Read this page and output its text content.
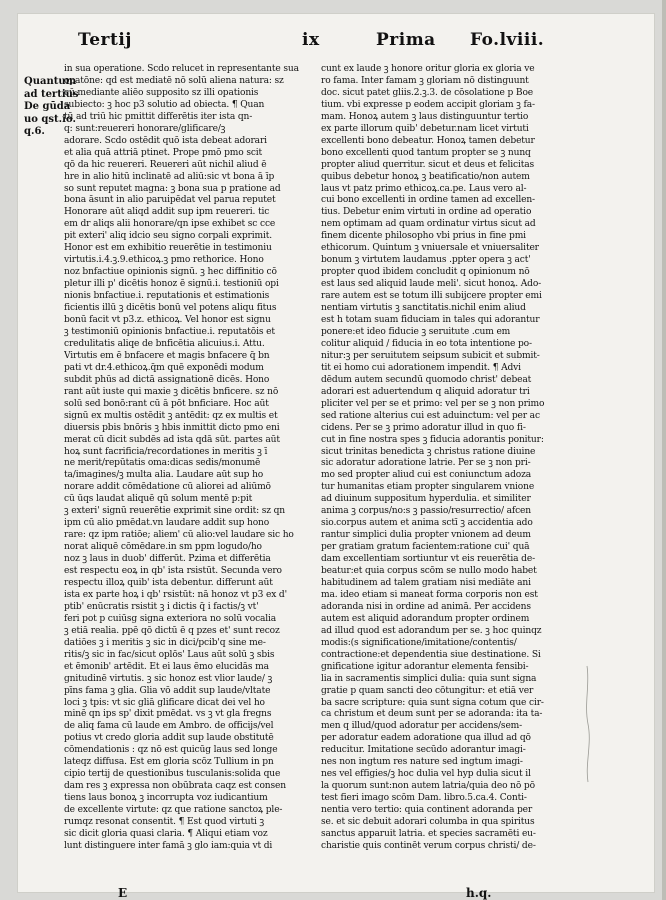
Tertij	ix	Prima Fo.lviii.
Quantum
ad tertius
De gūda
uo qst.io.
q.6.
in sua operatione. Scdo relucet in representante sua
opatōne: qd est mediatē nō solū aliena natura: sz
cū mediante aliēo supposito sz illi opationis
subiecto: ꝫ hoc p3 solutio ad obiecta. ¶ Quan
tū ad triū hic pmittit differētis iter ista qn-
q: sunt:reuereri honorare/glificare/ꝫ
adorare. Scdo ostēdit quō ista debeat adorari
et alia quā attriā ptinet. Prope pmō pmo scit
qō da hic reuereri. Reuereri aūt nichil aliud ē
hre in alio hitū inclinatē ad aliū:sic vt bona ā īp
so sunt reputet magna: ꝫ bona sua p pratione ad
bona āsunt in alio paruipēdat vel parua reputet
Honorare aūt aliqd addit sup ipm reuereri. tic
em dr aliqs alii honorare/qn ipse exhibet sc cce
pit exteri' aliq idcio seu signo corpali exprimit.
Honor est em exhibitio reuerētie in testimoniu
virtutis.i.4.ꝫ.9.ethicoꝝ.ꝫ pmo rethorice. Hono
noz bnfactiue opinionis signū. ꝫ hec diffinitio cō
pletur illi p' dicētis honoz ē signū.i. testioniū opi
nionis bnfactiue.i. reputationis et estimationis
ficientis illū ꝫ dicētis bonū vel potens aliqu fitus
bonū facit vt p3.z. ethicoꝝ. Vel honor est signu
ꝫ testimoniū opinionis bnfactiue.i. reputatōis et
credulitatis aliqe de bnficētia alicuius.i. Attu.
Virtutis em ē bnfacere et magis bnfacere q̄ bn
pati vt dr.4.ethicoꝝ.q̄m quē exponēdi modum
subdit phūs ad dictā assignationē dicēs. Hono
rant aūt iuste qui maxie ꝫ dicētis bnficere. sz nō
solū sed bonō:rant cū ā pōt bnficiare. Hoc aūt
signū ex multis ostēdit ꝫ antēdit: qz ex multis et
diuersis pbis bnōris ꝫ hbis inmittit dicto pmo eni
merat cū dicit subdēs ad ista qdā sūt. partes aūt
hoꝝ sunt facrificia/recordationes in meritis ꝫ ī
ne merit/repūtatis oma:dicas sedis/monumē
ta/imagines/ꝫ multa alia. Laudare aūt sup ho
norare addit cōmēdatione cū aliorei ad aliūmō
cū ūqs laudat aliquē qū solum mentē p:pit
ꝫ exteri' signū reuerētie exprimit sine ordit: sz qn
ipm cū alio pmēdat.vn laudare addit sup hono
rare: qz ipm ratiōe; aliem' cū alio:vel laudare sic ho
norat̄ aliquē cōmēdare.in sm ppm logudo/ho
noz ꝫ laus in duob' differūt. Pzima et differētia
est respectu eoꝝ in qb' ista rsistūt. Secunda vero
respectu illoꝝ quib' ista debentur. differunt aūt
ista ex parte hoꝝ i qb' rsistūt: nā honoz vt p3 ex d'
ptib' enūcratis rsistit ꝫ i dictis q̄ i factis/ꝫ vt'
feri pot p cuiūsg signa exteriora no solū vocalia
ꝫ etiā realia. ppē qō dictū ē q pzes et' sunt recoz
datiōes ꝫ i meritis ꝫ sic in dici/pcib'q sine me-
ritis/ꝫ sic in fac/sicut oplōs' Laus aūt solū ꝫ sbis
et ēmonib' artēdit. Et ei laus ēmo elucidās ma
gnitudinē virtutis. ꝫ sic honoz est vlior laude/ ꝫ
pīns fama ꝫ glia. Glia vō addit sup laude/vltate
loci ꝫ tpis: vt sic gliā glificare dicat dei vel ho
minē qn ips sp' dixit pmēdat. vs ꝫ vt gla fregns
de aliq fama cū laude em Ambro. de officijs/vel
potius vt credo gloria addit sup laude obstitutē
cōmendationis : qz nō est quicūg laus sed longe
lateqz diffusa. Est em gloria scōz Tullium in pn
cipio tertij de questionibus tusculanis:solida que
dam res ꝫ expressa non obūbrata caqz est consen
tiens laus bonoꝝ ꝫ incorrupta voz iudicantium
de excellente virtute: qz que ratione sanctoꝝ ple-
rumqz resonat consentit. ¶ Est quod virtuti ꝫ
sic dicit gloria quasi claria. ¶ Aliqui etiam voz
lunt distinguere inter famā ꝫ glo iam:quia vt di
cunt ex laude ꝫ honore oritur gloria ex gloria ve
ro fama. Inter famam ꝫ gloriam nō distinguunt
doc. sicut patet gliis.2.ꝫ.3. de cōsolatione p Boe
tium. vbi expresse p eodem accipit gloriam ꝫ fa-
mam. Honoꝝ autem ꝫ laus distinguuntur tertio
ex parte illorum quib' debetur.nam licet virtuti
excellenti bono debeatur. Honoꝝ tamen debetur
bono excellenti quod tantum propter se ꝫ nunq
propter aliud querritur. sicut et deus et felicitas
quibus debetur honoꝝ ꝫ beatificatio/non autem
laus vt patz primo ethicoꝝ.ca.pe. Laus vero al-
cui bono excellenti in ordine tamen ad excellen-
tius. Debetur enim virtuti in ordine ad operatio
nem optimam ad quam ordinatur virtus sicut ad
finem dicente philosopho vbi prius in fine pmi
ethicorum. Quintum ꝫ vniuersale et vniuersaliter
bonum ꝫ virtutem laudamus .ppter opera ꝫ act'
propter quod ibidem concludit q opinionum nō
est laus sed aliquid laude meli'. sicut honoꝝ. Ado-
rare autem est se totum illi subijcere propter emi
nentiam virtutis ꝫ sanctitatis.nichil enim aliud
est h totam suam fiduciam in tales qui adorantur
ponere:et ideo fiducie ꝫ seruitute .cum em
colitur aliquid / fiducia in eo tota intentione po-
nitur:ꝫ per seruitutem seipsum subicit et submit-
tit ei homo cui adorationem impendit. ¶ Advi
dēdum autem secundū quomodo christ' debeat
adorari est aduertendum q aliquid adoratur tri
pliciter vel per se et primo: vel per se ꝫ non primo
sed ratione alterius cui est aduinctum: vel per ac
cidens. Per se ꝫ primo adoratur illud in quo fi-
cut in fine nostra spes ꝫ fiducia adorantis ponitur:
sicut trinitas benedicta ꝫ christus ratione diuine
sic adoratur adoratione latrie. Per se ꝫ non pri-
mo sed propter aliud cui est coniunctum adoza
tur humanitas etiam propter singularem vnione
ad diuinum suppositum hyperdulia. et similiter
anima ꝫ corpus/no:s ꝫ passio/resurrectio/ afcen
sio.corpus autem et anima sctī ꝫ accidentia ado
rantur simplici dulia propter vnionem ad deum
per gratiam gratum facientem:ratione cui' quā
dam excellentiam sortiuntur vt eis reuerētia de-
beatur:et quia corpus scōm se nullo modo habet
habitudinem ad talem gratiam nisi mediāte ani
ma. ideo etiam si maneat forma corporis non est
adoranda nisi in ordine ad animā. Per accidens
autem est aliquid adorandum propter ordinem
ad illud quod est adorandum per se. ꝫ hoc quinqz
modis:(s significatione/imitatione/contentis/
contractione:et dependentia siue destinatione. Si
gnificatione igitur adorantur elementa fensibi-
lia in sacramentis simplici dulia: quia sunt signa
gratie p quam sancti deo cōtungitur: et etiā ver
ba sacre scripture: quia sunt signa cotum que cir-
ca christum et deum sunt per se adoranda: ita ta-
men q illud/quod adoratur per accidens/sem-
per adoratur eadem adoratione qua illud ad qō
reducitur. Imitatione secūdo adorantur imagi-
nes non ingtum res nature sed ingtum imagi-
nes vel effigies/ꝫ hoc dulia vel hyp dulia sicut il
la quorum sunt:non autem latria/quia deo nō pō
test fieri imago scōm Dam. libro.5.ca.4. Conti-
nentia vero tertio: quia continent adoranda per
se. et sic debuit adorari columba in qua spiritus
sanctus apparuit latria. et species sacramēti eu-
charistie quis continēt verum corpus christi/ de-
E	h.q.
